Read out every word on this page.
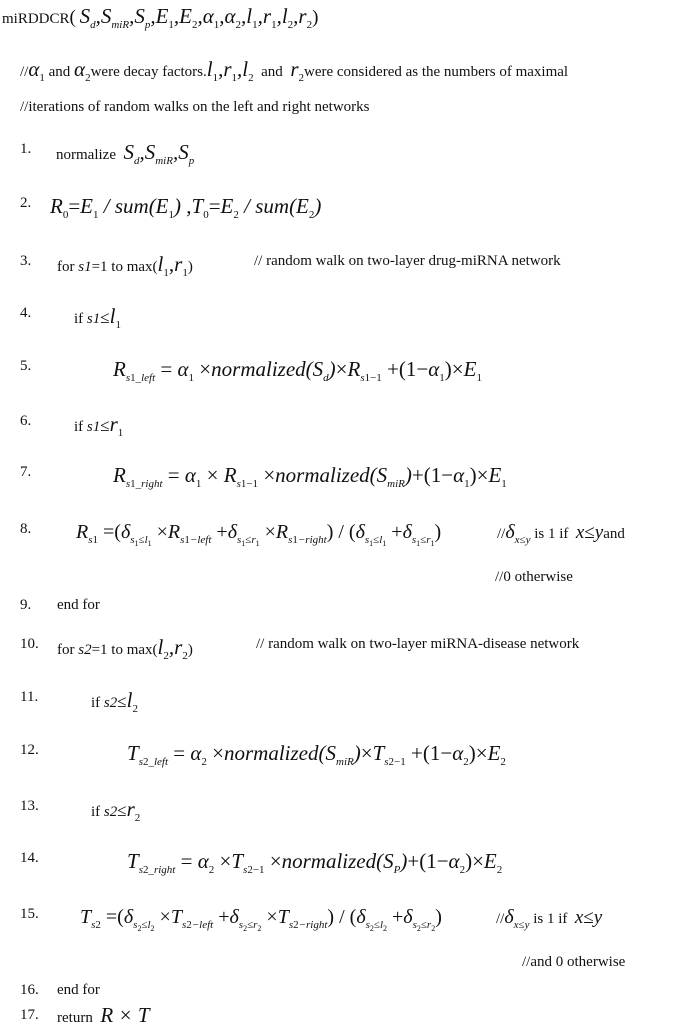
miRDDCR( $S_d,S_{miR},S_p,E_1,E_2,\alpha_1,\alpha_2,l_1,r_1,l_2,r_2$)
$//\alpha_1$ and $\alpha_2were$ decay $factors.l_1,r_1,l_2$ and $r_2were$ considered as the numbers of maximal
//iterations of random walks on the left and right networks
1. normalize $S_d,S_{miR},S_p$
2. $R_0=E_1 / sum(E_1)$ $,T_0=E_2 / sum(E_2)$
3. for s1=1 to $\max(l_1,r_1)$	// random walk on two-layer drug-miRNA network
4.	if $s1\le l_1$
5.	$R_{s1\_left} = \alpha_1$ $\times normalized(S_d)\times R_{s1-1} +(1-\alpha_1)\times E_1$
6.	if $s1\le r_1$
7.	$R_{s1\_right} = \alpha_1 \times R_{s1-1}$ $\times normalized(S_{miR})+(1-\alpha_1)\times E_1$
8. $R_{s1} =(\delta_{s_1\le l_1} \times R_{s1-left} +\delta_{s_1\le r_1} \times R_{s1-right}) / (\delta_{s_1\le l_1} +\delta_{s_1\le r_1})$	$//\delta_{x\le y}$ is 1 if x≤yand
//0 otherwise
9. end for
10. for s2=1 to $\max(l_2,r_2)$	// random walk on two-layer miRNA-disease network
11.	if $s2\le l_2$
12.	$T_{s2\_left} = \alpha_2$ $\times normalized(S_{miR})\times T_{s2-1} +(1-\alpha_2)\times E_2$
13.	if $s2\le r_2$
14.	$T_{s2\_right} = \alpha_2 \times T_{s2-1}$ $\times normalized(S_P)+(1-\alpha_2)\times E_2$
15. $T_{s2} =(\delta_{s_2\le l_2} \times T_{s2-left} +\delta_{s_2\le r_2} \times T_{s2-right}) / (\delta_{s_2\le l_2} +\delta_{s_2\le r_2})$	$//\delta_{x\le y}$ is 1 if x≤y
//and 0 otherwise
16. end for
17. return R × T
